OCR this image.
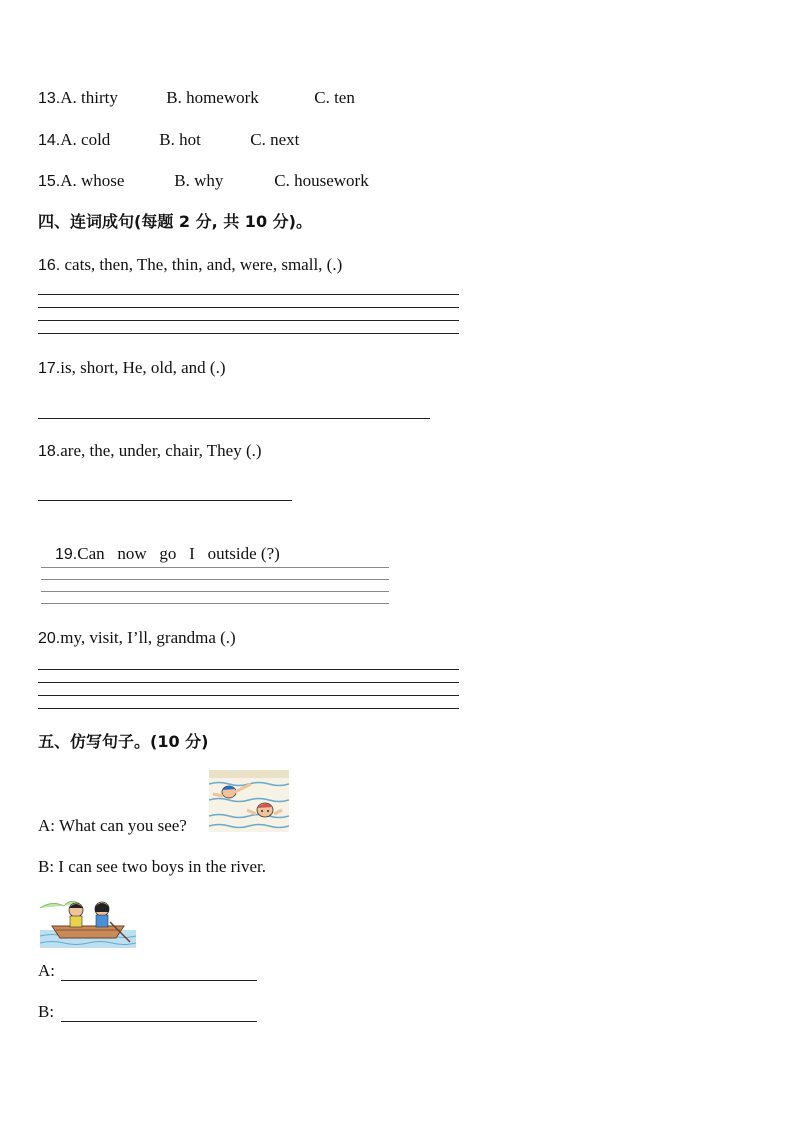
13.A. thirty	B. homework	C. ten
14.A. cold	B. hot	C. next
15.A. whose	B. why	C. housework
四、连词成句(每题 2 分, 共 10 分)。
16. cats, then, The, thin, and, were, small, (.)
17.is, short, He, old, and (.)
18.are, the, under, chair, They (.)

19.Can   now   go   I   outside (?)

20.my, visit, I’ll, grandma (.)
五、仿写句子。(10 分)
A: What can you see?
B: I can see two boys in the river.
A:
B:
